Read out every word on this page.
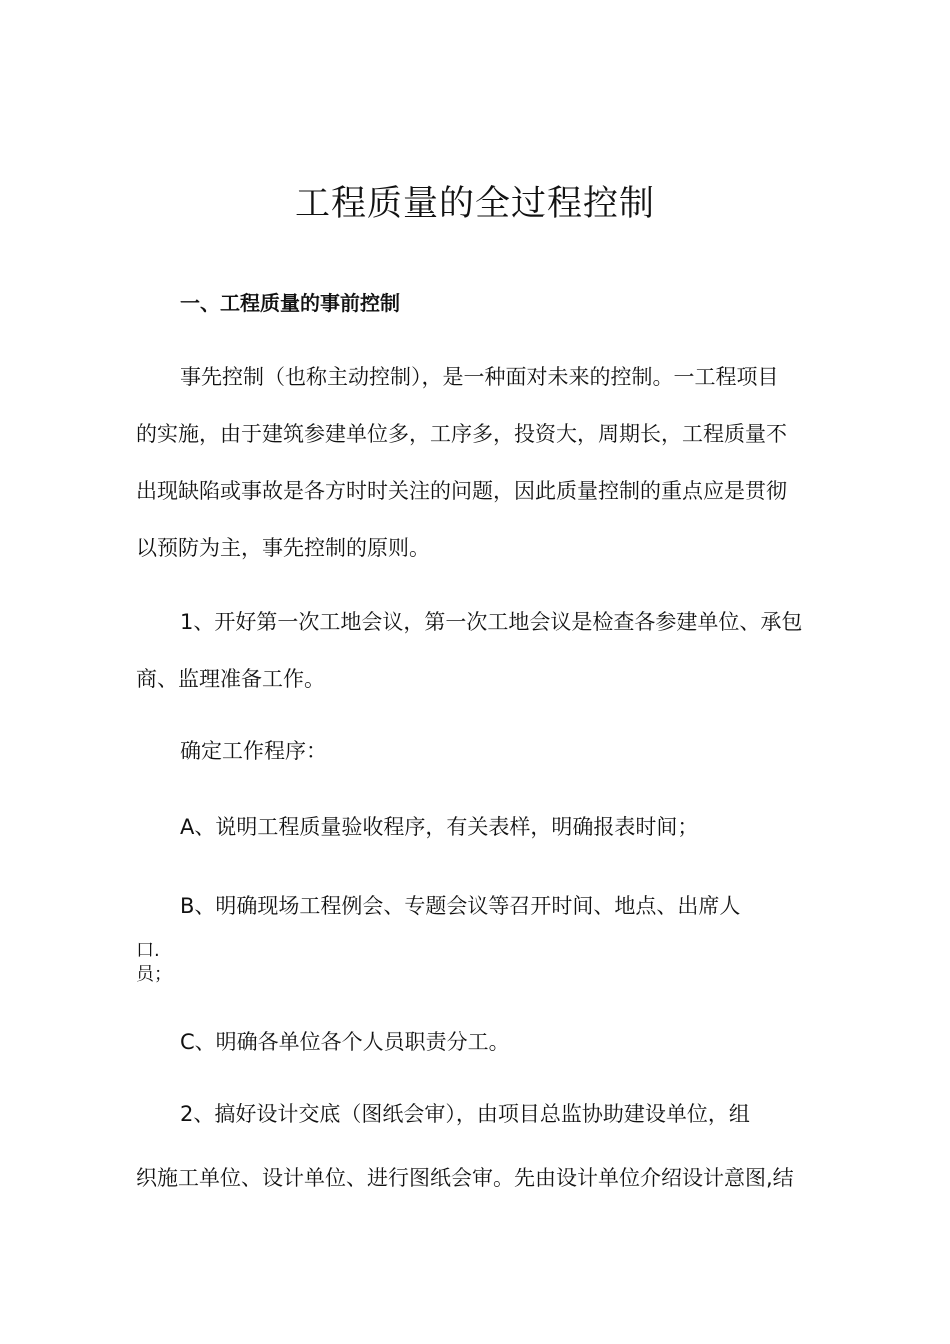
工程质量的全过程控制
一、工程质量的事前控制
事先控制（也称主动控制），是一种面对未来的控制。一工程项目
的实施，由于建筑参建单位多，工序多，投资大，周期长，工程质量不
出现缺陷或事故是各方时时关注的问题，因此质量控制的重点应是贯彻
以预防为主，事先控制的原则。
1、开好第一次工地会议，第一次工地会议是检查各参建单位、承包
商、监理准备工作。
确定工作程序：
A、说明工程质量验收程序，有关表样，明确报表时间；
B、明确现场工程例会、专题会议等召开时间、地点、出席人
口.
员；
C、明确各单位各个人员职责分工。
2、搞好设计交底（图纸会审），由项目总监协助建设单位，组
织施工单位、设计单位、进行图纸会审。先由设计单位介绍设计意图,结
